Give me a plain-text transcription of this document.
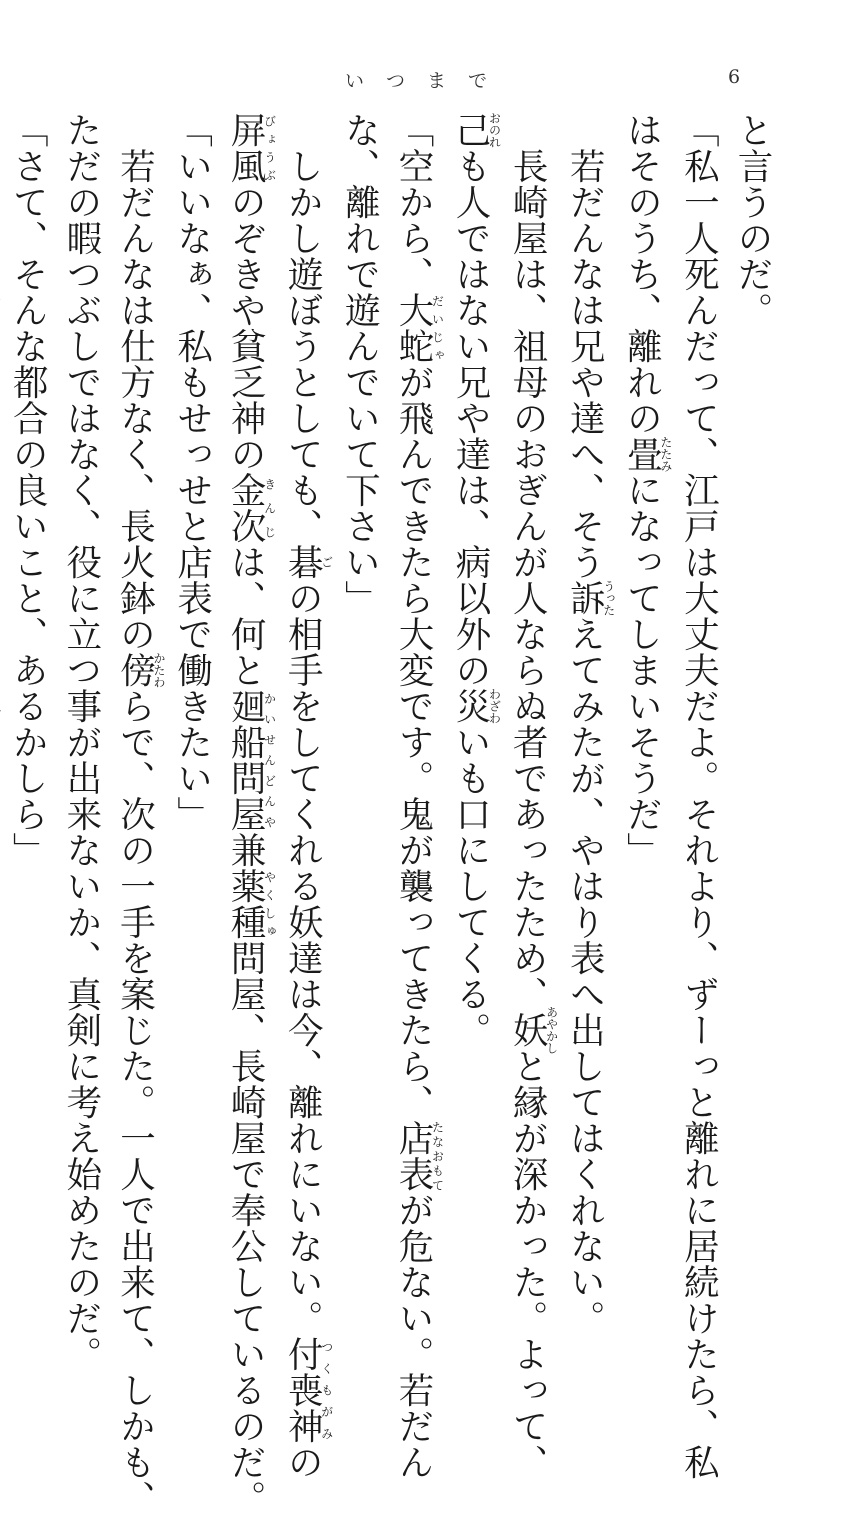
いつまで	6
と言うのだ。
「私一人死んだって、江戸は大丈夫だよ。それより、ずーっと離れに居続けたら、私
はそのうち、離れの畳たたみになってしまいそうだ」
　若だんなは兄や達へ、そう訴うったえてみたが、やはり表へ出してはくれない。
　長崎屋は、祖母のおぎんが人ならぬ者であったため、妖あやかしと縁が深かった。よって、
己おのれも人ではない兄や達は、病以外の災わざわいも口にしてくる。
「空から、大蛇だいじゃが飛んできたら大変です。鬼が襲ってきたら、店表たなおもてが危ない。若だん
な、離れで遊んでいて下さい」
　しかし遊ぼうとしても、碁ごの相手をしてくれる妖達は今、離れにいない。付喪神つくもがみの
屏風びょうぶのぞきや貧乏神の金次きんじは、何と廻船問屋かいせんどんや兼薬種やくしゅ問屋、長崎屋で奉公しているのだ。
「いいなぁ、私もせっせと店表で働きたい」
　若だんなは仕方なく、長火鉢の傍かたわらで、次の一手を案じた。一人で出来て、しかも、
ただの暇つぶしではなく、役に立つ事が出来ないか、真剣に考え始めたのだ。
「さて、そんな都合の良いこと、あるかしら」
